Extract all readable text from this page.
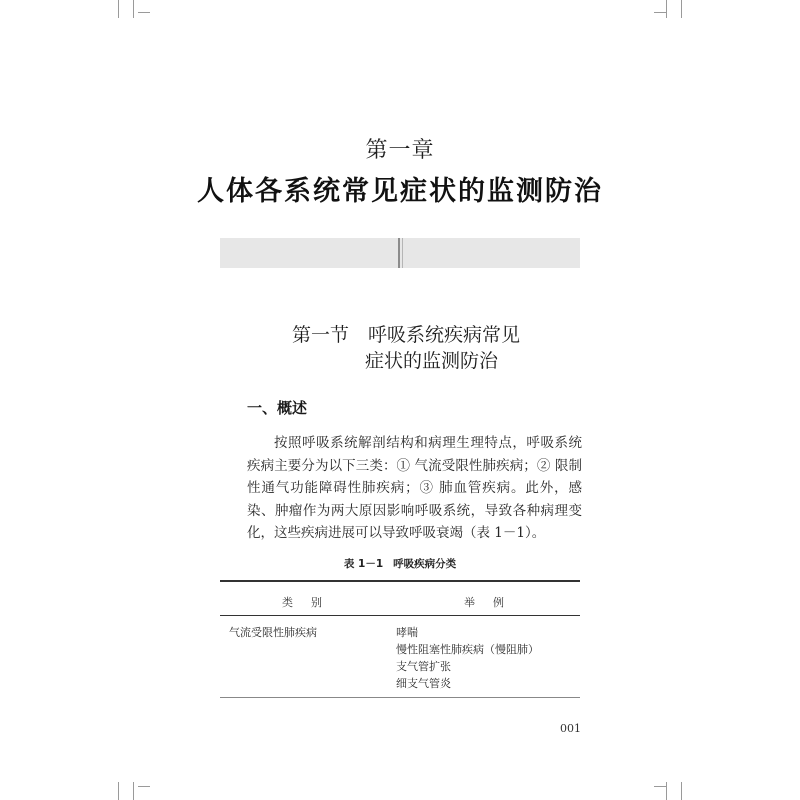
第一章
人体各系统常见症状的监测防治
第一节　呼吸系统疾病常见
症状的监测防治
一、概述

按照呼吸系统解剖结构和病理生理特点，呼吸系统疾病主要分为以下三类：① 气流受限性肺疾病；② 限制性通气功能障碍性肺疾病；③ 肺血管疾病。此外，感染、肿瘤作为两大原因影响呼吸系统，导致各种病理变化，这些疾病进展可以导致呼吸衰竭（表 1－1）。

表 1－1 呼吸疾病分类
类别	举例
气流受限性肺疾病	哮喘
慢性阻塞性肺疾病（慢阻肺）
支气管扩张
细支气管炎
001
